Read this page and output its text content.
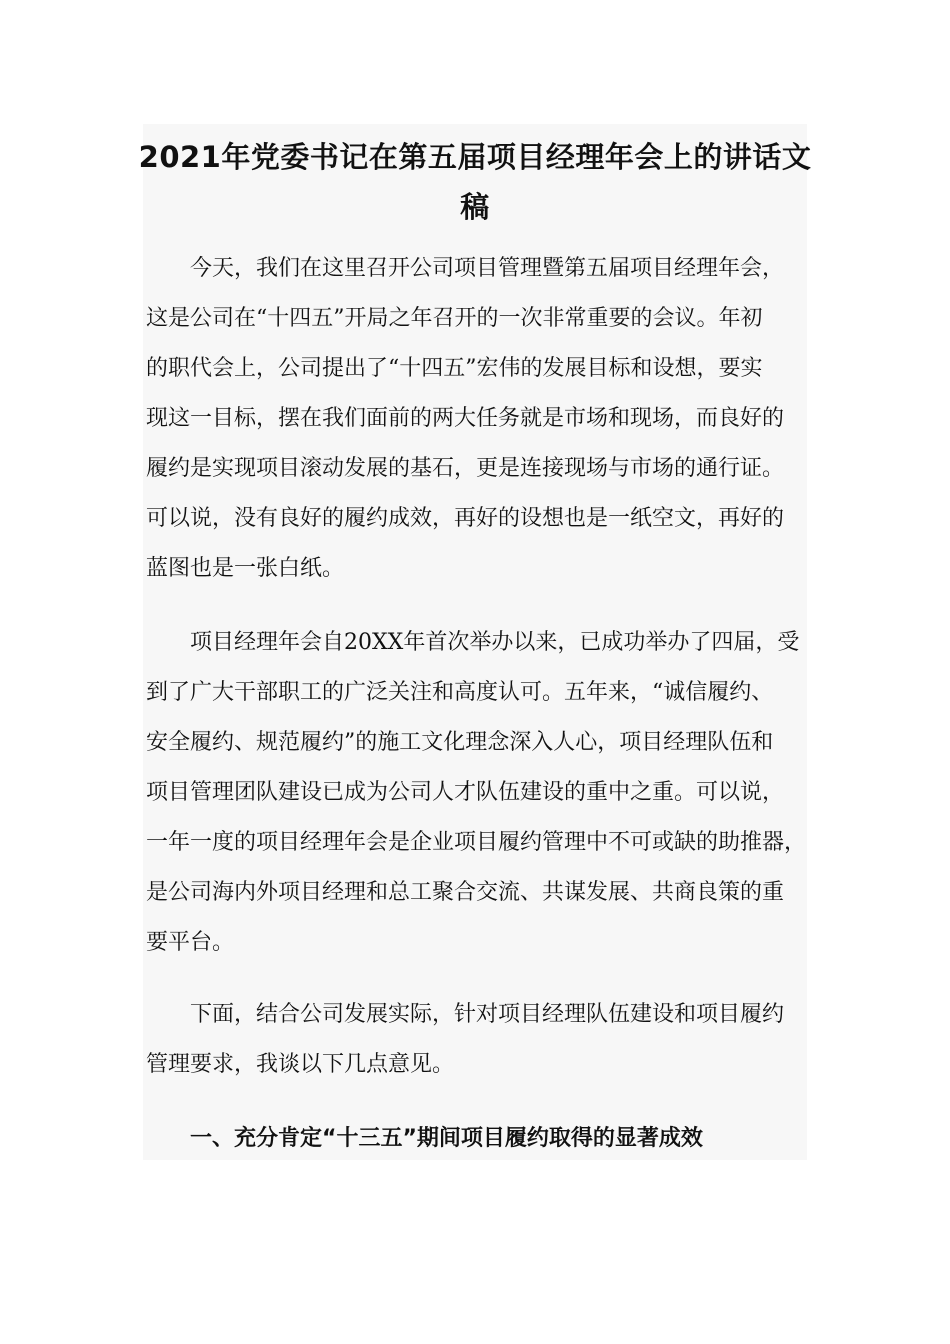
2021年党委书记在第五届项目经理年会上的讲话文
稿
今天，我们在这里召开公司项目管理暨第五届项目经理年会，
这是公司在“十四五”开局之年召开的一次非常重要的会议。年初
的职代会上，公司提出了“十四五”宏伟的发展目标和设想，要实
现这一目标，摆在我们面前的两大任务就是市场和现场，而良好的
履约是实现项目滚动发展的基石，更是连接现场与市场的通行证。
可以说，没有良好的履约成效，再好的设想也是一纸空文，再好的
蓝图也是一张白纸。
项目经理年会自20XX年首次举办以来，已成功举办了四届，受
到了广大干部职工的广泛关注和高度认可。五年来，“诚信履约、
安全履约、规范履约”的施工文化理念深入人心，项目经理队伍和
项目管理团队建设已成为公司人才队伍建设的重中之重。可以说，
一年一度的项目经理年会是企业项目履约管理中不可或缺的助推器，
是公司海内外项目经理和总工聚合交流、共谋发展、共商良策的重
要平台。
下面，结合公司发展实际，针对项目经理队伍建设和项目履约
管理要求，我谈以下几点意见。
一、充分肯定“十三五”期间项目履约取得的显著成效
